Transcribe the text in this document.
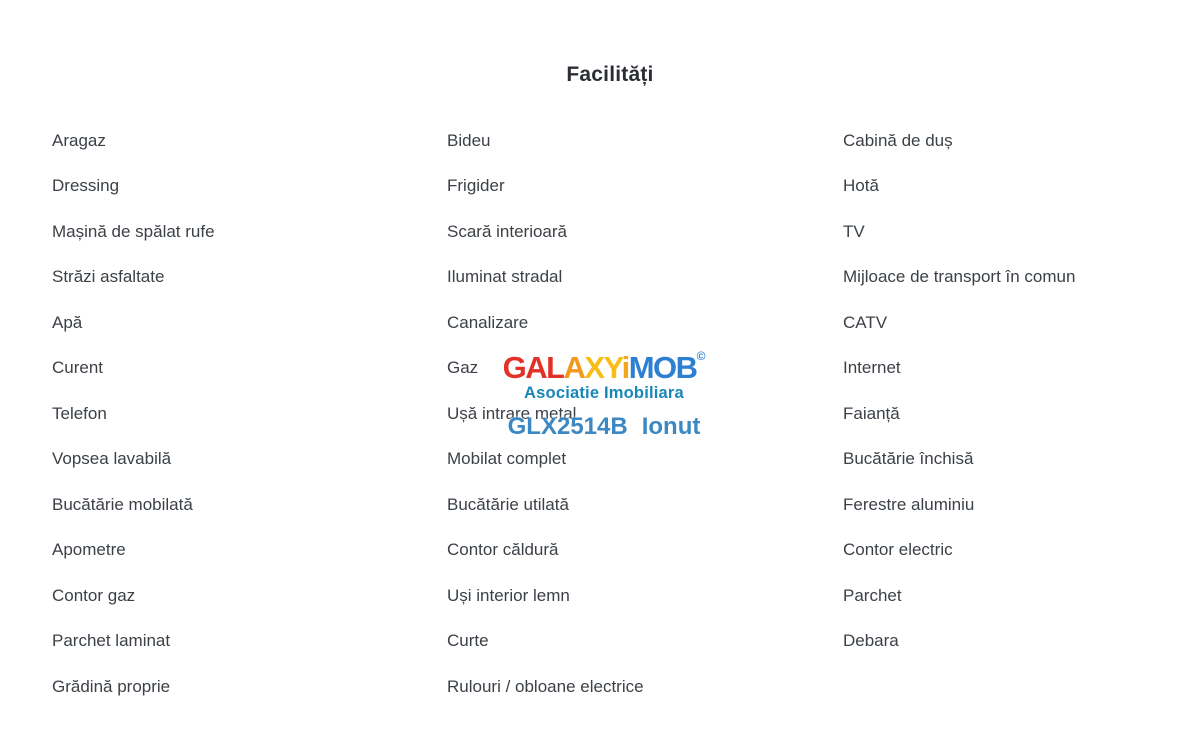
Facilități
Aragaz
Dressing
Mașină de spălat rufe
Străzi asfaltate
Apă
Curent
Telefon
Vopsea lavabilă
Bucătărie mobilată
Apometre
Contor gaz
Parchet laminat
Grădină proprie
Bideu
Frigider
Scară interioară
Iluminat stradal
Canalizare
Gaz
Ușă intrare metal
Mobilat complet
Bucătărie utilată
Contor căldură
Uși interior lemn
Curte
Rulouri / obloane electrice
Cabină de duș
Hotă
TV
Mijloace de transport în comun
CATV
Internet
Faianță
Bucătărie închisă
Ferestre aluminiu
Contor electric
Parchet
Debara
GALAXYiMOB©
Asociatie Imobiliara
GLX2514B Ionut
